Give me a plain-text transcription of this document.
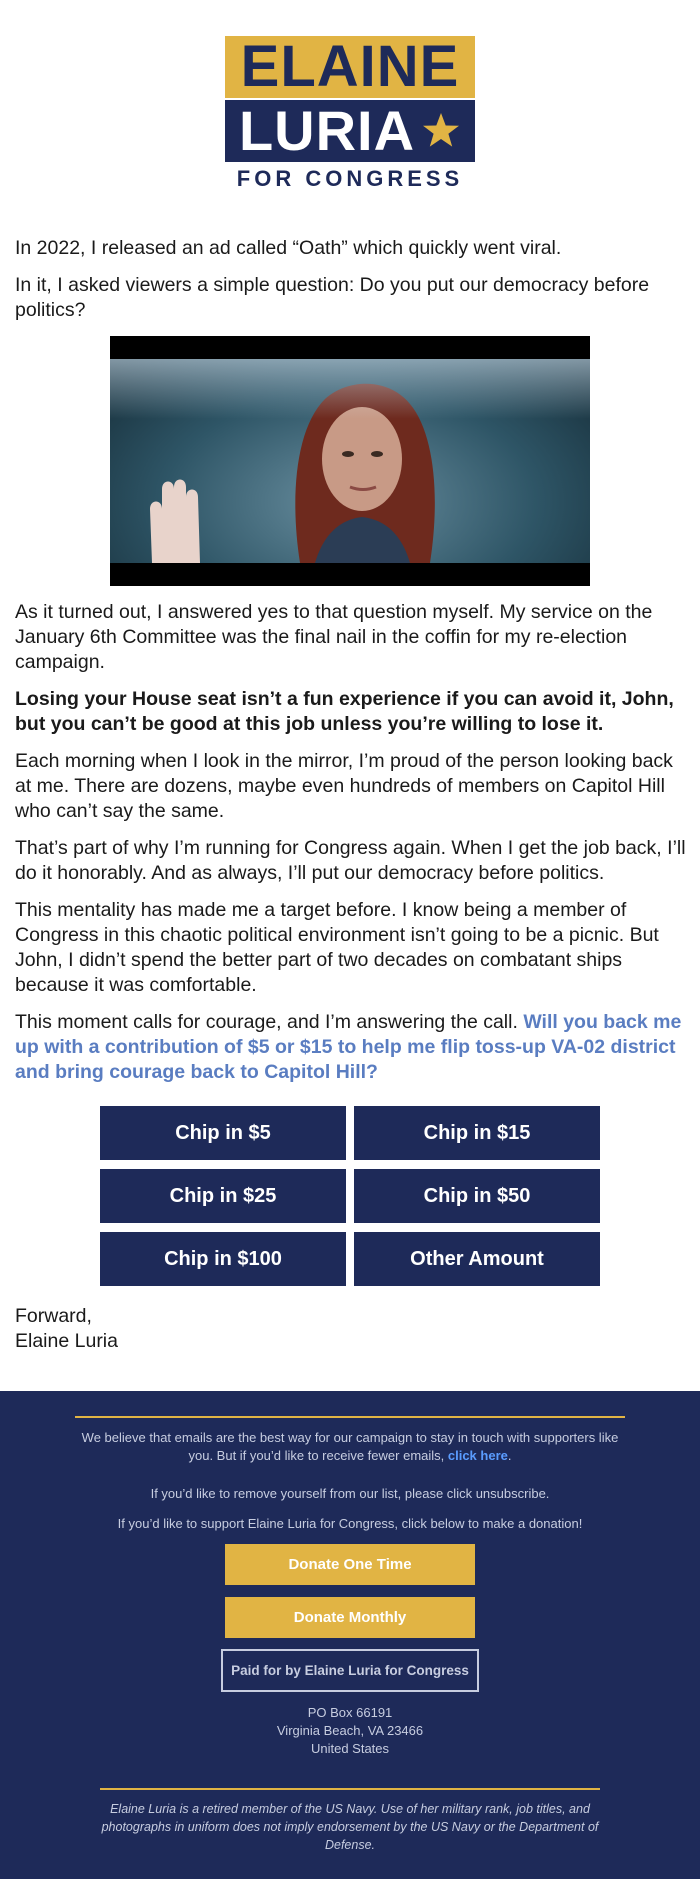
ELAINE
LURIA
FOR CONGRESS

In 2022, I released an ad called “Oath” which quickly went viral.

In it, I asked viewers a simple question: Do you put our democracy before politics?

As it turned out, I answered yes to that question myself. My service on the January 6th Committee was the final nail in the coffin for my re-election campaign.

Losing your House seat isn’t a fun experience if you can avoid it, John, but you can’t be good at this job unless you’re willing to lose it.

Each morning when I look in the mirror, I’m proud of the person looking back at me. There are dozens, maybe even hundreds of members on Capitol Hill who can’t say the same.

That’s part of why I’m running for Congress again. When I get the job back, I’ll do it honorably. And as always, I’ll put our democracy before politics.

This mentality has made me a target before. I know being a member of Congress in this chaotic political environment isn’t going to be a picnic. But John, I didn’t spend the better part of two decades on combatant ships because it was comfortable.

This moment calls for courage, and I’m answering the call. Will you back me up with a contribution of $5 or $15 to help me flip toss-up VA-02 district and bring courage back to Capitol Hill?

Chip in $5	Chip in $15
Chip in $25	Chip in $50
Chip in $100	Other Amount
Forward,
Elaine Luria
We believe that emails are the best way for our campaign to stay in touch with supporters like you. But if you’d like to receive fewer emails, click here.
If you’d like to remove yourself from our list, please click unsubscribe.
If you’d like to support Elaine Luria for Congress, click below to make a donation!
Donate One Time
Donate Monthly
Paid for by Elaine Luria for Congress
PO Box 66191
Virginia Beach, VA 23466
United States
Elaine Luria is a retired member of the US Navy. Use of her military rank, job titles, and photographs in uniform does not imply endorsement by the US Navy or the Department of Defense.
